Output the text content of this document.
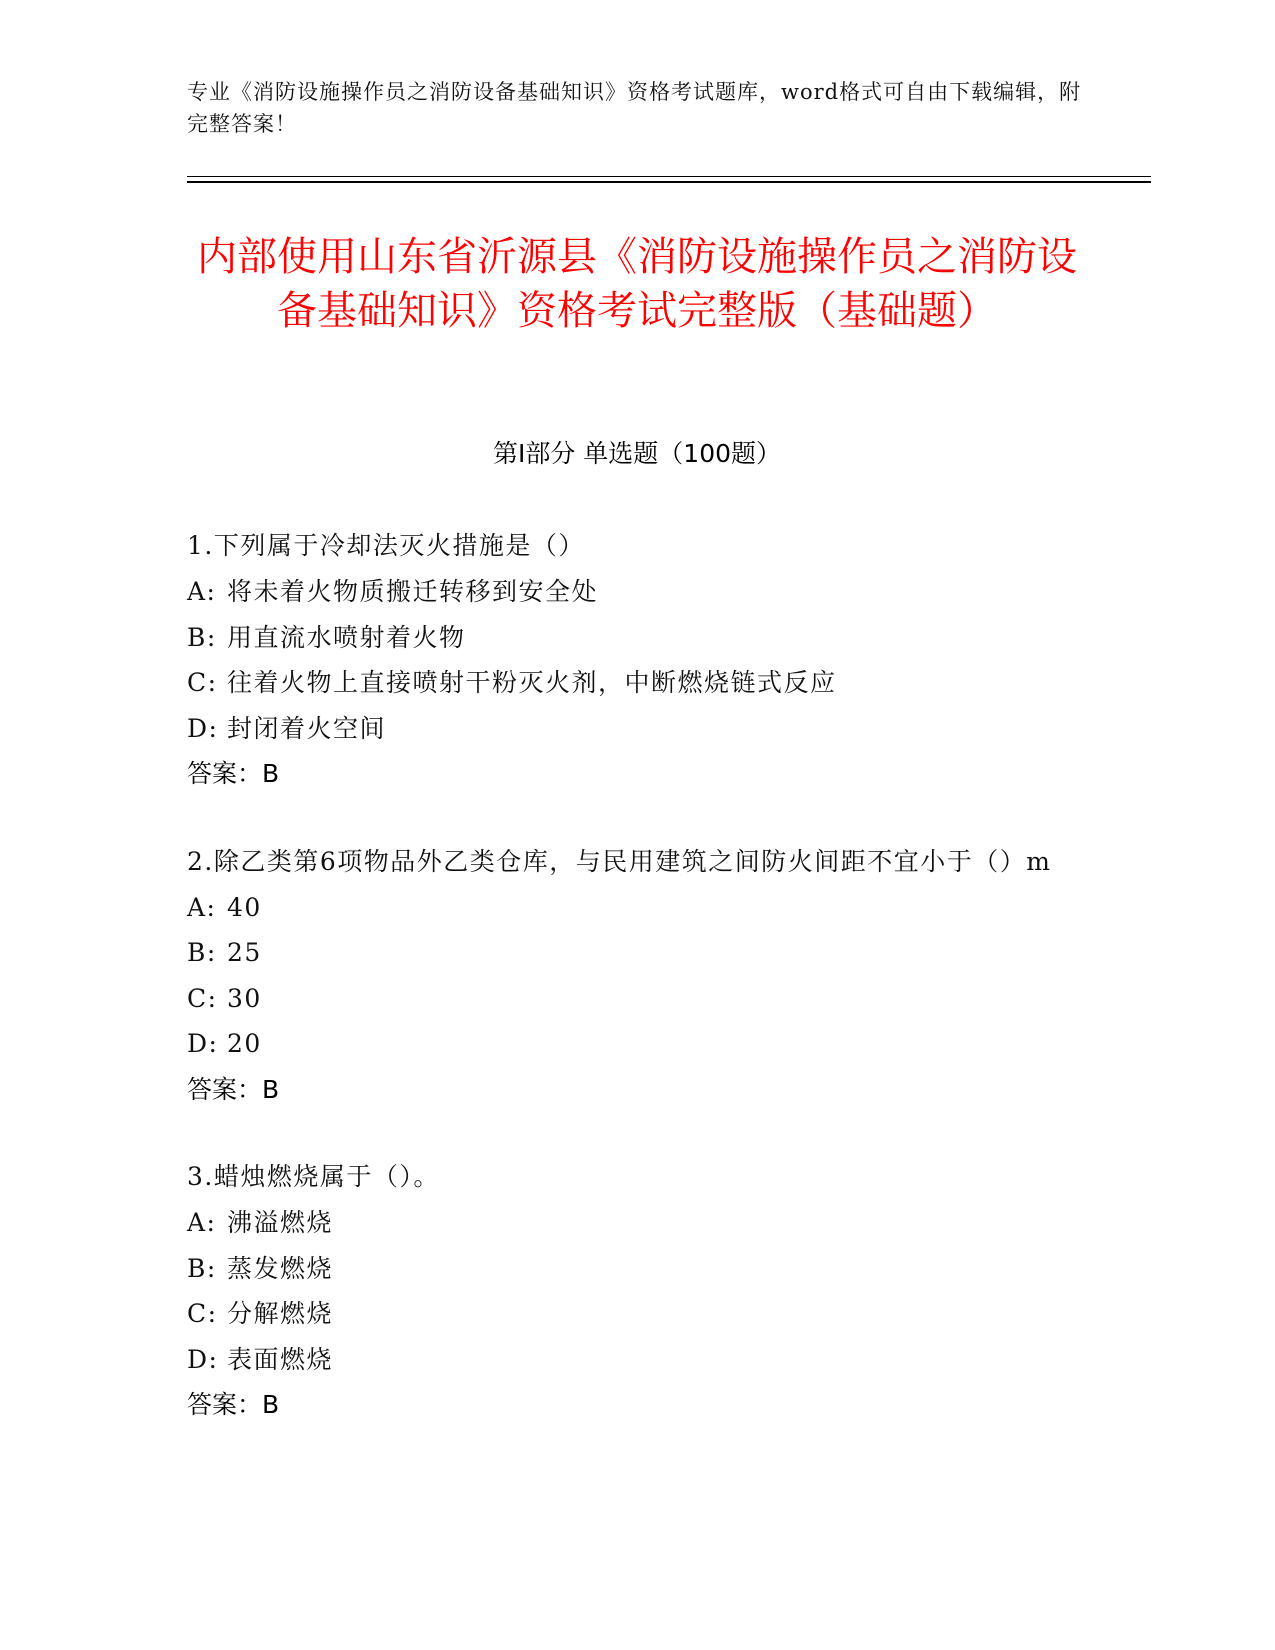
专业《消防设施操作员之消防设备基础知识》资格考试题库，word格式可自由下载编辑，附完整答案！
内部使用山东省沂源县《消防设施操作员之消防设备基础知识》资格考试完整版（基础题）
第Ⅰ部分 单选题（100题）
1.下列属于冷却法灭火措施是（）
A: 将未着火物质搬迁转移到安全处
B: 用直流水喷射着火物
C: 往着火物上直接喷射干粉灭火剂，中断燃烧链式反应
D: 封闭着火空间
答案：B
2.除乙类第6项物品外乙类仓库，与民用建筑之间防火间距不宜小于（）m
A: 40
B: 25
C: 30
D: 20
答案：B
3.蜡烛燃烧属于（）。
A: 沸溢燃烧
B: 蒸发燃烧
C: 分解燃烧
D: 表面燃烧
答案：B
